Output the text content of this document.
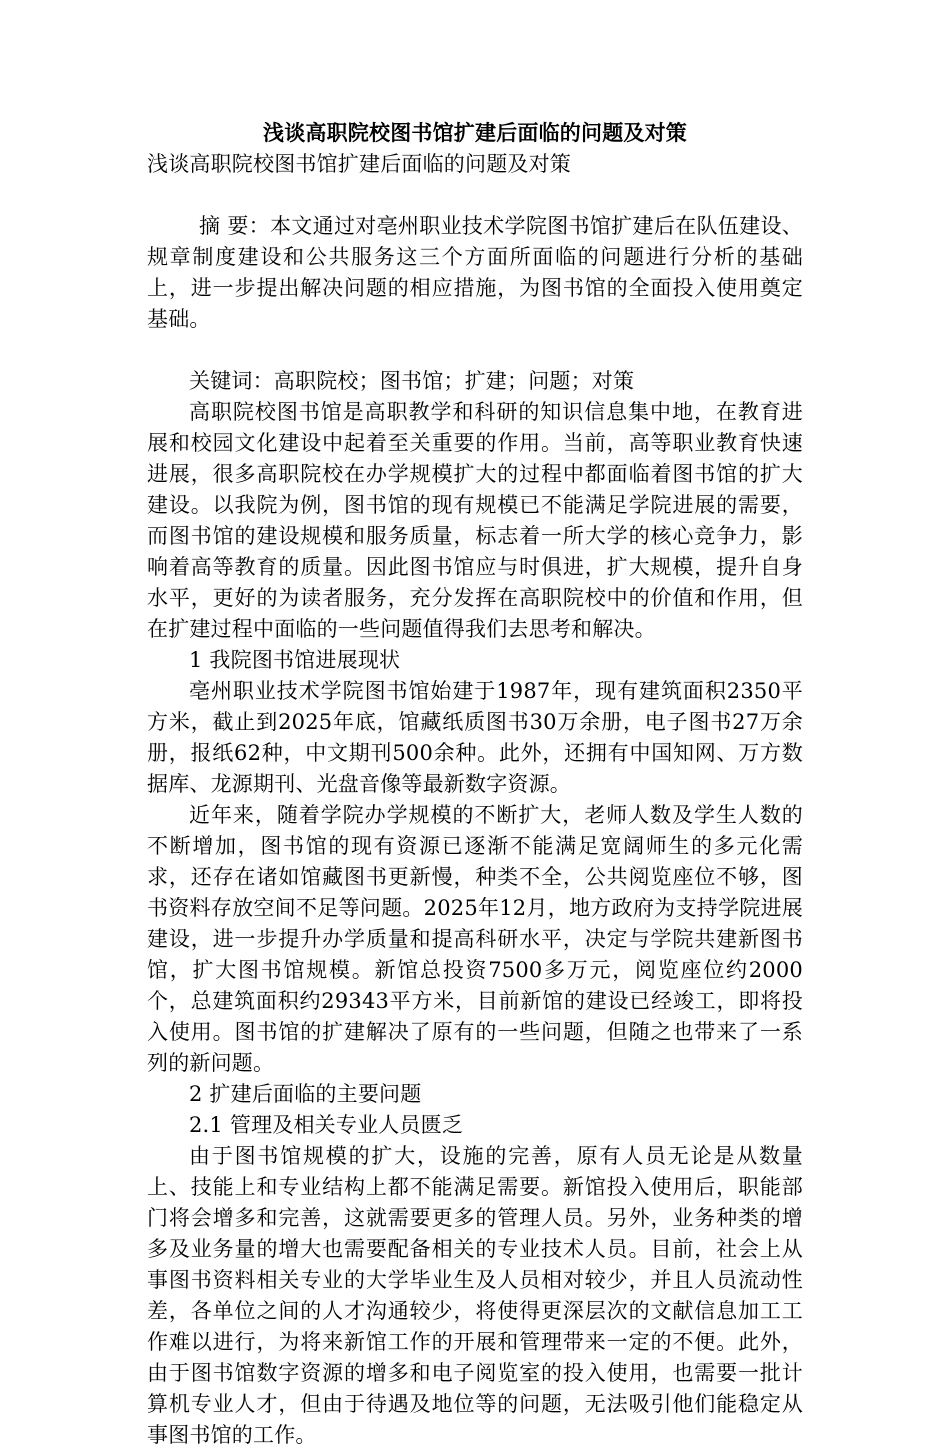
浅谈高职院校图书馆扩建后面临的问题及对策

浅谈高职院校图书馆扩建后面临的问题及对策

摘 要：本文通过对亳州职业技术学院图书馆扩建后在队伍建设、规章制度建设和公共服务这三个方面所面临的问题进行分析的基础上，进一步提出解决问题的相应措施，为图书馆的全面投入使用奠定基础。

关键词：高职院校；图书馆；扩建；问题；对策

高职院校图书馆是高职教学和科研的知识信息集中地，在教育进展和校园文化建设中起着至关重要的作用。当前，高等职业教育快速进展，很多高职院校在办学规模扩大的过程中都面临着图书馆的扩大建设。以我院为例，图书馆的现有规模已不能满足学院进展的需要，而图书馆的建设规模和服务质量，标志着一所大学的核心竞争力，影响着高等教育的质量。因此图书馆应与时俱进，扩大规模，提升自身水平，更好的为读者服务，充分发挥在高职院校中的价值和作用，但在扩建过程中面临的一些问题值得我们去思考和解决。

1 我院图书馆进展现状

亳州职业技术学院图书馆始建于1987年，现有建筑面积2350平方米，截止到2025年底，馆藏纸质图书30万余册，电子图书27万余册，报纸62种，中文期刊500余种。此外，还拥有中国知网、万方数据库、龙源期刊、光盘音像等最新数字资源。

近年来，随着学院办学规模的不断扩大，老师人数及学生人数的不断增加，图书馆的现有资源已逐渐不能满足宽阔师生的多元化需求，还存在诸如馆藏图书更新慢，种类不全，公共阅览座位不够，图书资料存放空间不足等问题。2025年12月，地方政府为支持学院进展建设，进一步提升办学质量和提高科研水平，决定与学院共建新图书馆，扩大图书馆规模。新馆总投资7500多万元，阅览座位约2000个，总建筑面积约29343平方米，目前新馆的建设已经竣工，即将投入使用。图书馆的扩建解决了原有的一些问题，但随之也带来了一系列的新问题。

2 扩建后面临的主要问题

2.1 管理及相关专业人员匮乏

由于图书馆规模的扩大，设施的完善，原有人员无论是从数量上、技能上和专业结构上都不能满足需要。新馆投入使用后，职能部门将会增多和完善，这就需要更多的管理人员。另外，业务种类的增多及业务量的增大也需要配备相关的专业技术人员。目前，社会上从事图书资料相关专业的大学毕业生及人员相对较少，并且人员流动性差，各单位之间的人才沟通较少，将使得更深层次的文献信息加工工作难以进行，为将来新馆工作的开展和管理带来一定的不便。此外，由于图书馆数字资源的增多和电子阅览室的投入使用，也需要一批计算机专业人才，但由于待遇及地位等的问题，无法吸引他们能稳定从事图书馆的工作。
